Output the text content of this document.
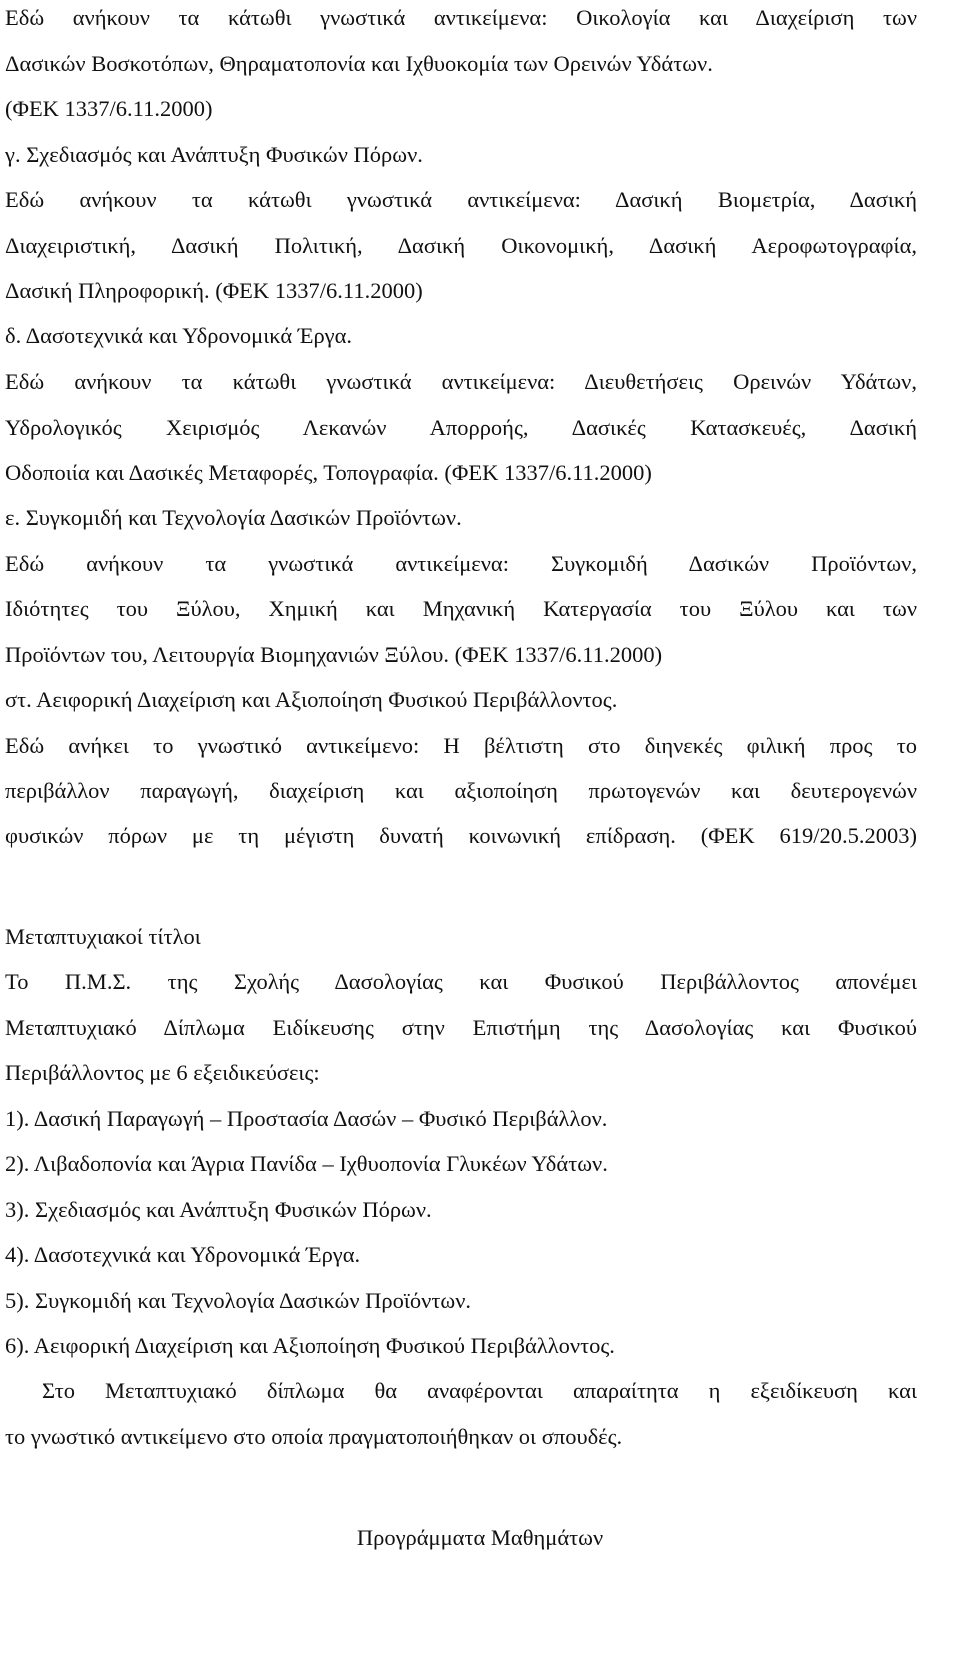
Εδώ ανήκουν τα κάτωθι γνωστικά αντικείμενα: Οικολογία και Διαχείριση των
Δασικών Βοσκοτόπων, Θηραματοπονία και Ιχθυοκομία των Ορεινών Υδάτων.
(ΦΕΚ 1337/6.11.2000)
γ. Σχεδιασμός και Ανάπτυξη Φυσικών Πόρων.
Εδώ ανήκουν τα κάτωθι γνωστικά αντικείμενα: Δασική Βιομετρία, Δασική
Διαχειριστική, Δασική Πολιτική, Δασική Οικονομική, Δασική Αεροφωτογραφία,
Δασική Πληροφορική. (ΦΕΚ 1337/6.11.2000)
δ. Δασοτεχνικά και Υδρονομικά Έργα.
Εδώ ανήκουν τα κάτωθι γνωστικά αντικείμενα: Διευθετήσεις Ορεινών Υδάτων,
Υδρολογικός Χειρισμός Λεκανών Απορροής, Δασικές Κατασκευές, Δασική
Οδοποιία και Δασικές Μεταφορές, Τοπογραφία. (ΦΕΚ 1337/6.11.2000)
ε. Συγκομιδή και Τεχνολογία Δασικών Προϊόντων.
Εδώ ανήκουν τα γνωστικά αντικείμενα: Συγκομιδή Δασικών Προϊόντων,
Ιδιότητες του Ξύλου, Χημική και Μηχανική Κατεργασία του Ξύλου και των
Προϊόντων του, Λειτουργία Βιομηχανιών Ξύλου. (ΦΕΚ 1337/6.11.2000)
στ. Αειφορική Διαχείριση και Αξιοποίηση Φυσικού Περιβάλλοντος.
Εδώ ανήκει το γνωστικό αντικείμενο: Η βέλτιστη στο διηνεκές φιλική προς το
περιβάλλον παραγωγή, διαχείριση και αξιοποίηση πρωτογενών και δευτερογενών
φυσικών πόρων με τη μέγιστη δυνατή κοινωνική επίδραση. (ΦΕΚ 619/20.5.2003)
Μεταπτυχιακοί τίτλοι
Το Π.Μ.Σ. της Σχολής Δασολογίας και Φυσικού Περιβάλλοντος απονέμει
Μεταπτυχιακό Δίπλωμα Ειδίκευσης στην Επιστήμη της Δασολογίας και Φυσικού
Περιβάλλοντος με 6 εξειδικεύσεις:
1). Δασική Παραγωγή – Προστασία Δασών – Φυσικό Περιβάλλον.
2). Λιβαδοπονία και Άγρια Πανίδα – Ιχθυοπονία Γλυκέων Υδάτων.
3). Σχεδιασμός και Ανάπτυξη Φυσικών Πόρων.
4). Δασοτεχνικά και Υδρονομικά Έργα.
5). Συγκομιδή και Τεχνολογία Δασικών Προϊόντων.
6). Αειφορική Διαχείριση και Αξιοποίηση Φυσικού Περιβάλλοντος.
Στο Μεταπτυχιακό δίπλωμα θα αναφέρονται απαραίτητα η εξειδίκευση και
το γνωστικό αντικείμενο στο οποία πραγματοποιήθηκαν οι σπουδές.
Προγράμματα Μαθημάτων
